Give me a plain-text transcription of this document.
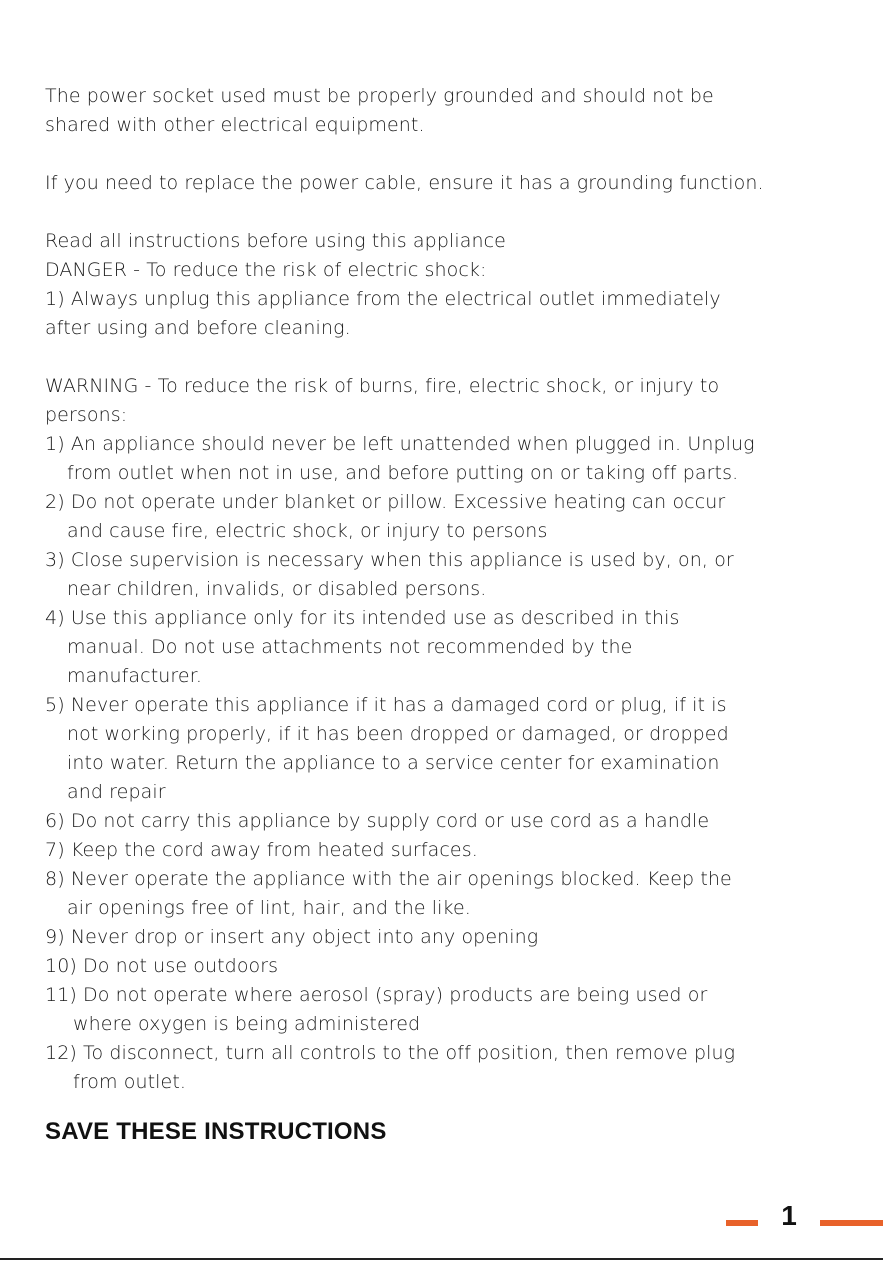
The power socket used must be properly grounded and should not be

shared with other electrical equipment.

If you need to replace the power cable, ensure it has a grounding function.

Read all instructions before using this appliance

DANGER - To reduce the risk of electric shock:

1) Always unplug this appliance from the electrical outlet immediately

after using and before cleaning.

WARNING - To reduce the risk of burns, fire, electric shock, or injury to

persons:

1) An appliance should never be left unattended when plugged in. Unplug

from outlet when not in use, and before putting on or taking off parts.

2) Do not operate under blanket or pillow. Excessive heating can occur

and cause fire, electric shock, or injury to persons

3) Close supervision is necessary when this appliance is used by, on, or

near children, invalids, or disabled persons.

4) Use this appliance only for its intended use as described in this

manual. Do not use attachments not recommended by the

manufacturer.

5) Never operate this appliance if it has a damaged cord or plug, if it is

not working properly, if it has been dropped or damaged, or dropped

into water. Return the appliance to a service center for examination

and repair

6) Do not carry this appliance by supply cord or use cord as a handle

7) Keep the cord away from heated surfaces.

8) Never operate the appliance with the air openings blocked. Keep the

air openings free of lint, hair, and the like.

9) Never drop or insert any object into any opening

10) Do not use outdoors

11) Do not operate where aerosol (spray) products are being used or

where oxygen is being administered

12) To disconnect, turn all controls to the off position, then remove plug

from outlet.

SAVE THESE INSTRUCTIONS
1
